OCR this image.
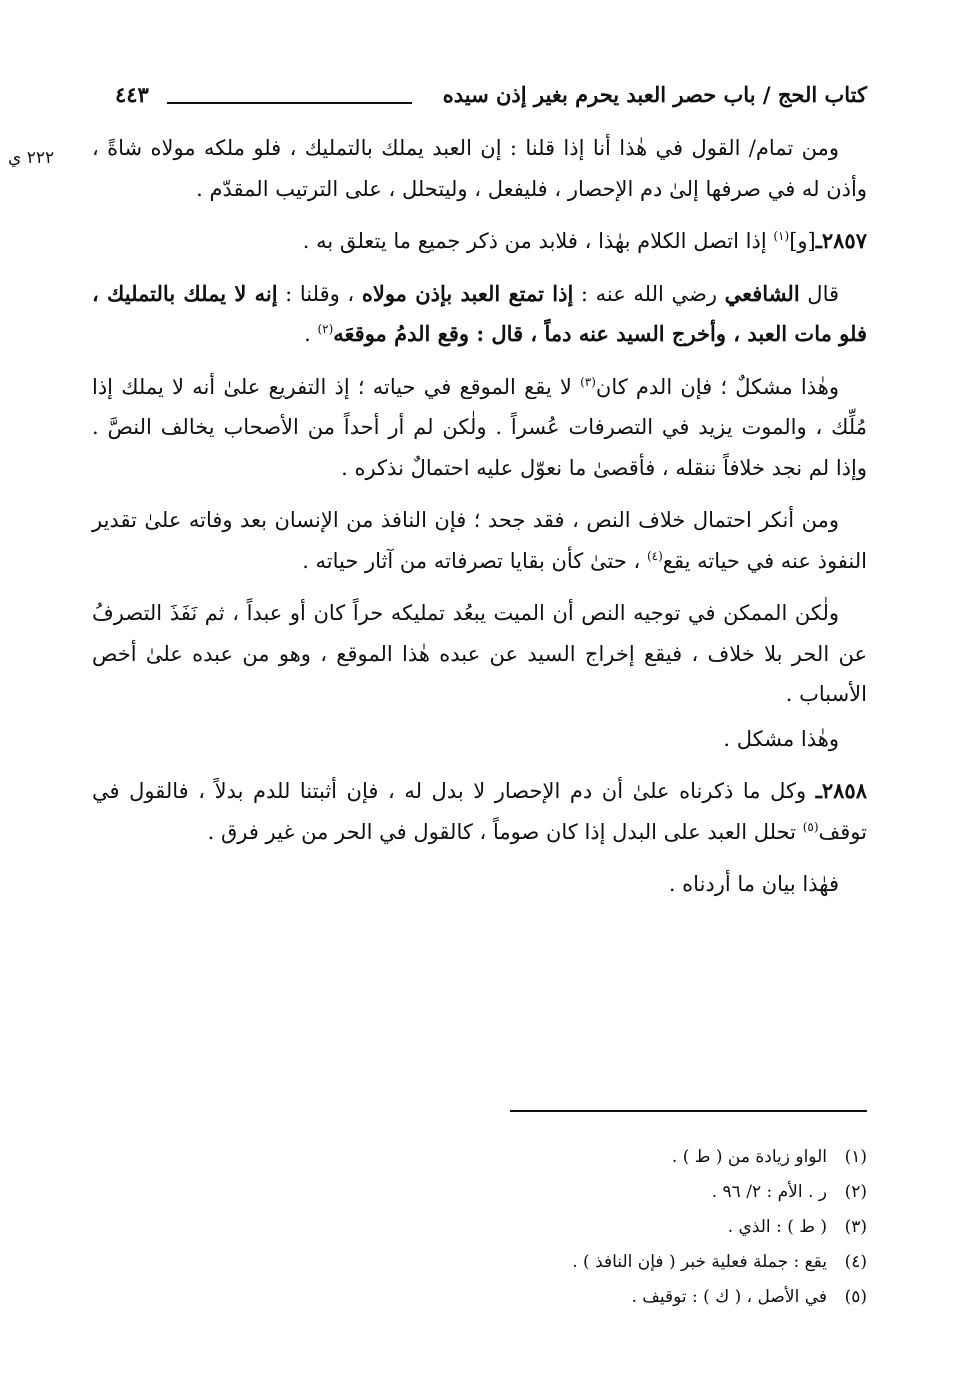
كتاب الحج / باب حصر العبد يحرم بغير إذن سيده
٤٤٣
٢٢٢ ي ومن تمام/ القول في هٰذا أنا إذا قلنا : إن العبد يملك بالتمليك ، فلو ملكه مولاه شاةً ، وأذن له في صرفها إلىٰ دم الإحصار ، فليفعل ، وليتحلل ، على الترتيب المقدّم .

٢٨٥٧ـ[و]$^{(١)}$ إذا اتصل الكلام بهٰذا ، فلابد من ذكر جميع ما يتعلق به .

قال الشافعي رضي الله عنه : إذا تمتع العبد بإذن مولاه ، وقلنا : إنه لا يملك بالتمليك ، فلو مات العبد ، وأخرج السيد عنه دماً ، قال : وقع الدمُ موقعَه$^{(٢)}$ .

وهٰذا مشكلٌ ؛ فإن الدم كان$^{(٣)}$ لا يقع الموقع في حياته ؛ إذ التفريع علىٰ أنه لا يملك إذا مُلِّك ، والموت يزيد في التصرفات عُسراً . ولٰكن لم أر أحداً من الأصحاب يخالف النصَّ . وإذا لم نجد خلافاً ننقله ، فأقصىٰ ما نعوّل عليه احتمالٌ نذكره .

ومن أنكر احتمال خلاف النص ، فقد جحد ؛ فإن النافذ من الإنسان بعد وفاته علىٰ تقدير النفوذ عنه في حياته يقع$^{(٤)}$ ، حتىٰ كأن بقايا تصرفاته من آثار حياته .

ولٰكن الممكن في توجيه النص أن الميت يبعُد تمليكه حراً كان أو عبداً ، ثم نَفَذَ التصرفُ عن الحر بلا خلاف ، فيقع إخراج السيد عن عبده هٰذا الموقع ، وهو من عبده علىٰ أخص الأسباب .

وهٰذا مشكل .

٢٨٥٨ـ وكل ما ذكرناه علىٰ أن دم الإحصار لا بدل له ، فإن أثبتنا للدم بدلاً ، فالقول في توقف$^{(٥)}$ تحلل العبد على البدل إذا كان صوماً ، كالقول في الحر من غير فرق .

فهٰذا بيان ما أردناه .

(١)الواو زيادة من ( ط ) .
(٢)ر . الأم : ٢/ ٩٦ .
(٣)( ط ) : الذي .
(٤)يقع : جملة فعلية خبر ( فإن النافذ ) .
(٥)في الأصل ، ( ك ) : توقيف .
